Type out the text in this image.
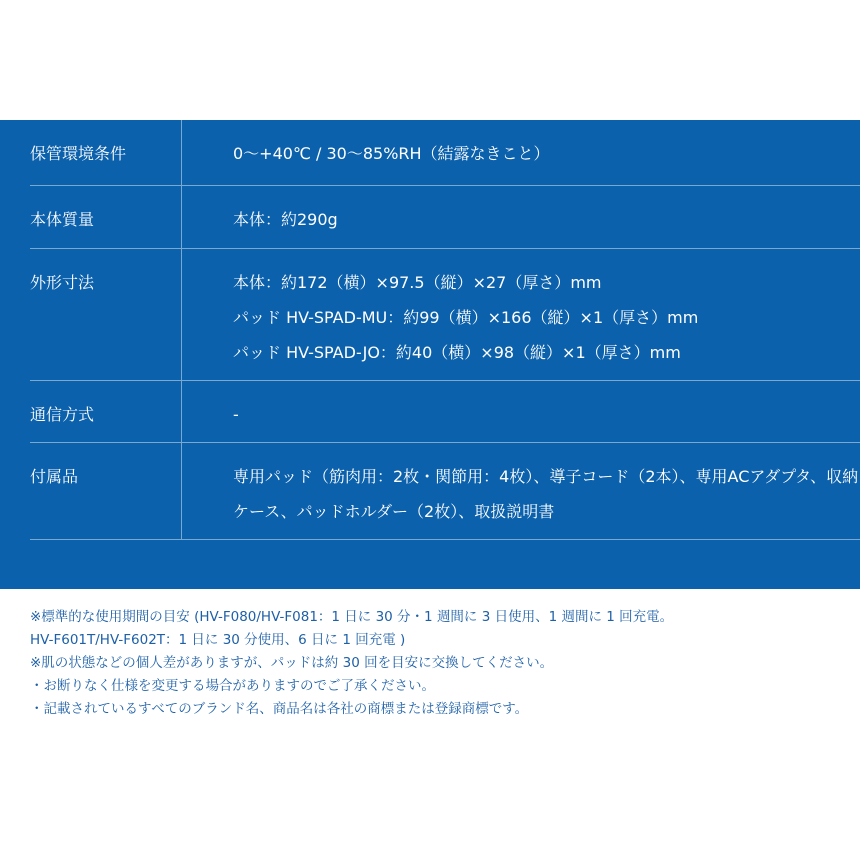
保管環境条件	0～+40℃ / 30～85%RH（結露なきこと）
本体質量	本体：約290g
外形寸法	本体：約172（横）×97.5（縦）×27（厚さ）mm
パッド HV-SPAD-MU：約99（横）×166（縦）×1（厚さ）mm
パッド HV-SPAD-JO：約40（横）×98（縦）×1（厚さ）mm
通信方式	-
付属品	専用パッド（筋肉用：2枚・関節用：4枚）、導子コード（2本）、専用ACアダプタ、収納
ケース、パッドホルダー（2枚）、取扱説明書
※標準的な使用期間の目安 (HV-F080/HV-F081：1 日に 30 分・1 週間に 3 日使用、1 週間に 1 回充電。
HV-F601T/HV-F602T：1 日に 30 分使用、6 日に 1 回充電 )
※肌の状態などの個人差がありますが、パッドは約 30 回を目安に交換してください。
・お断りなく仕様を変更する場合がありますのでご了承ください。
・記載されているすべてのブランド名、商品名は各社の商標または登録商標です。
